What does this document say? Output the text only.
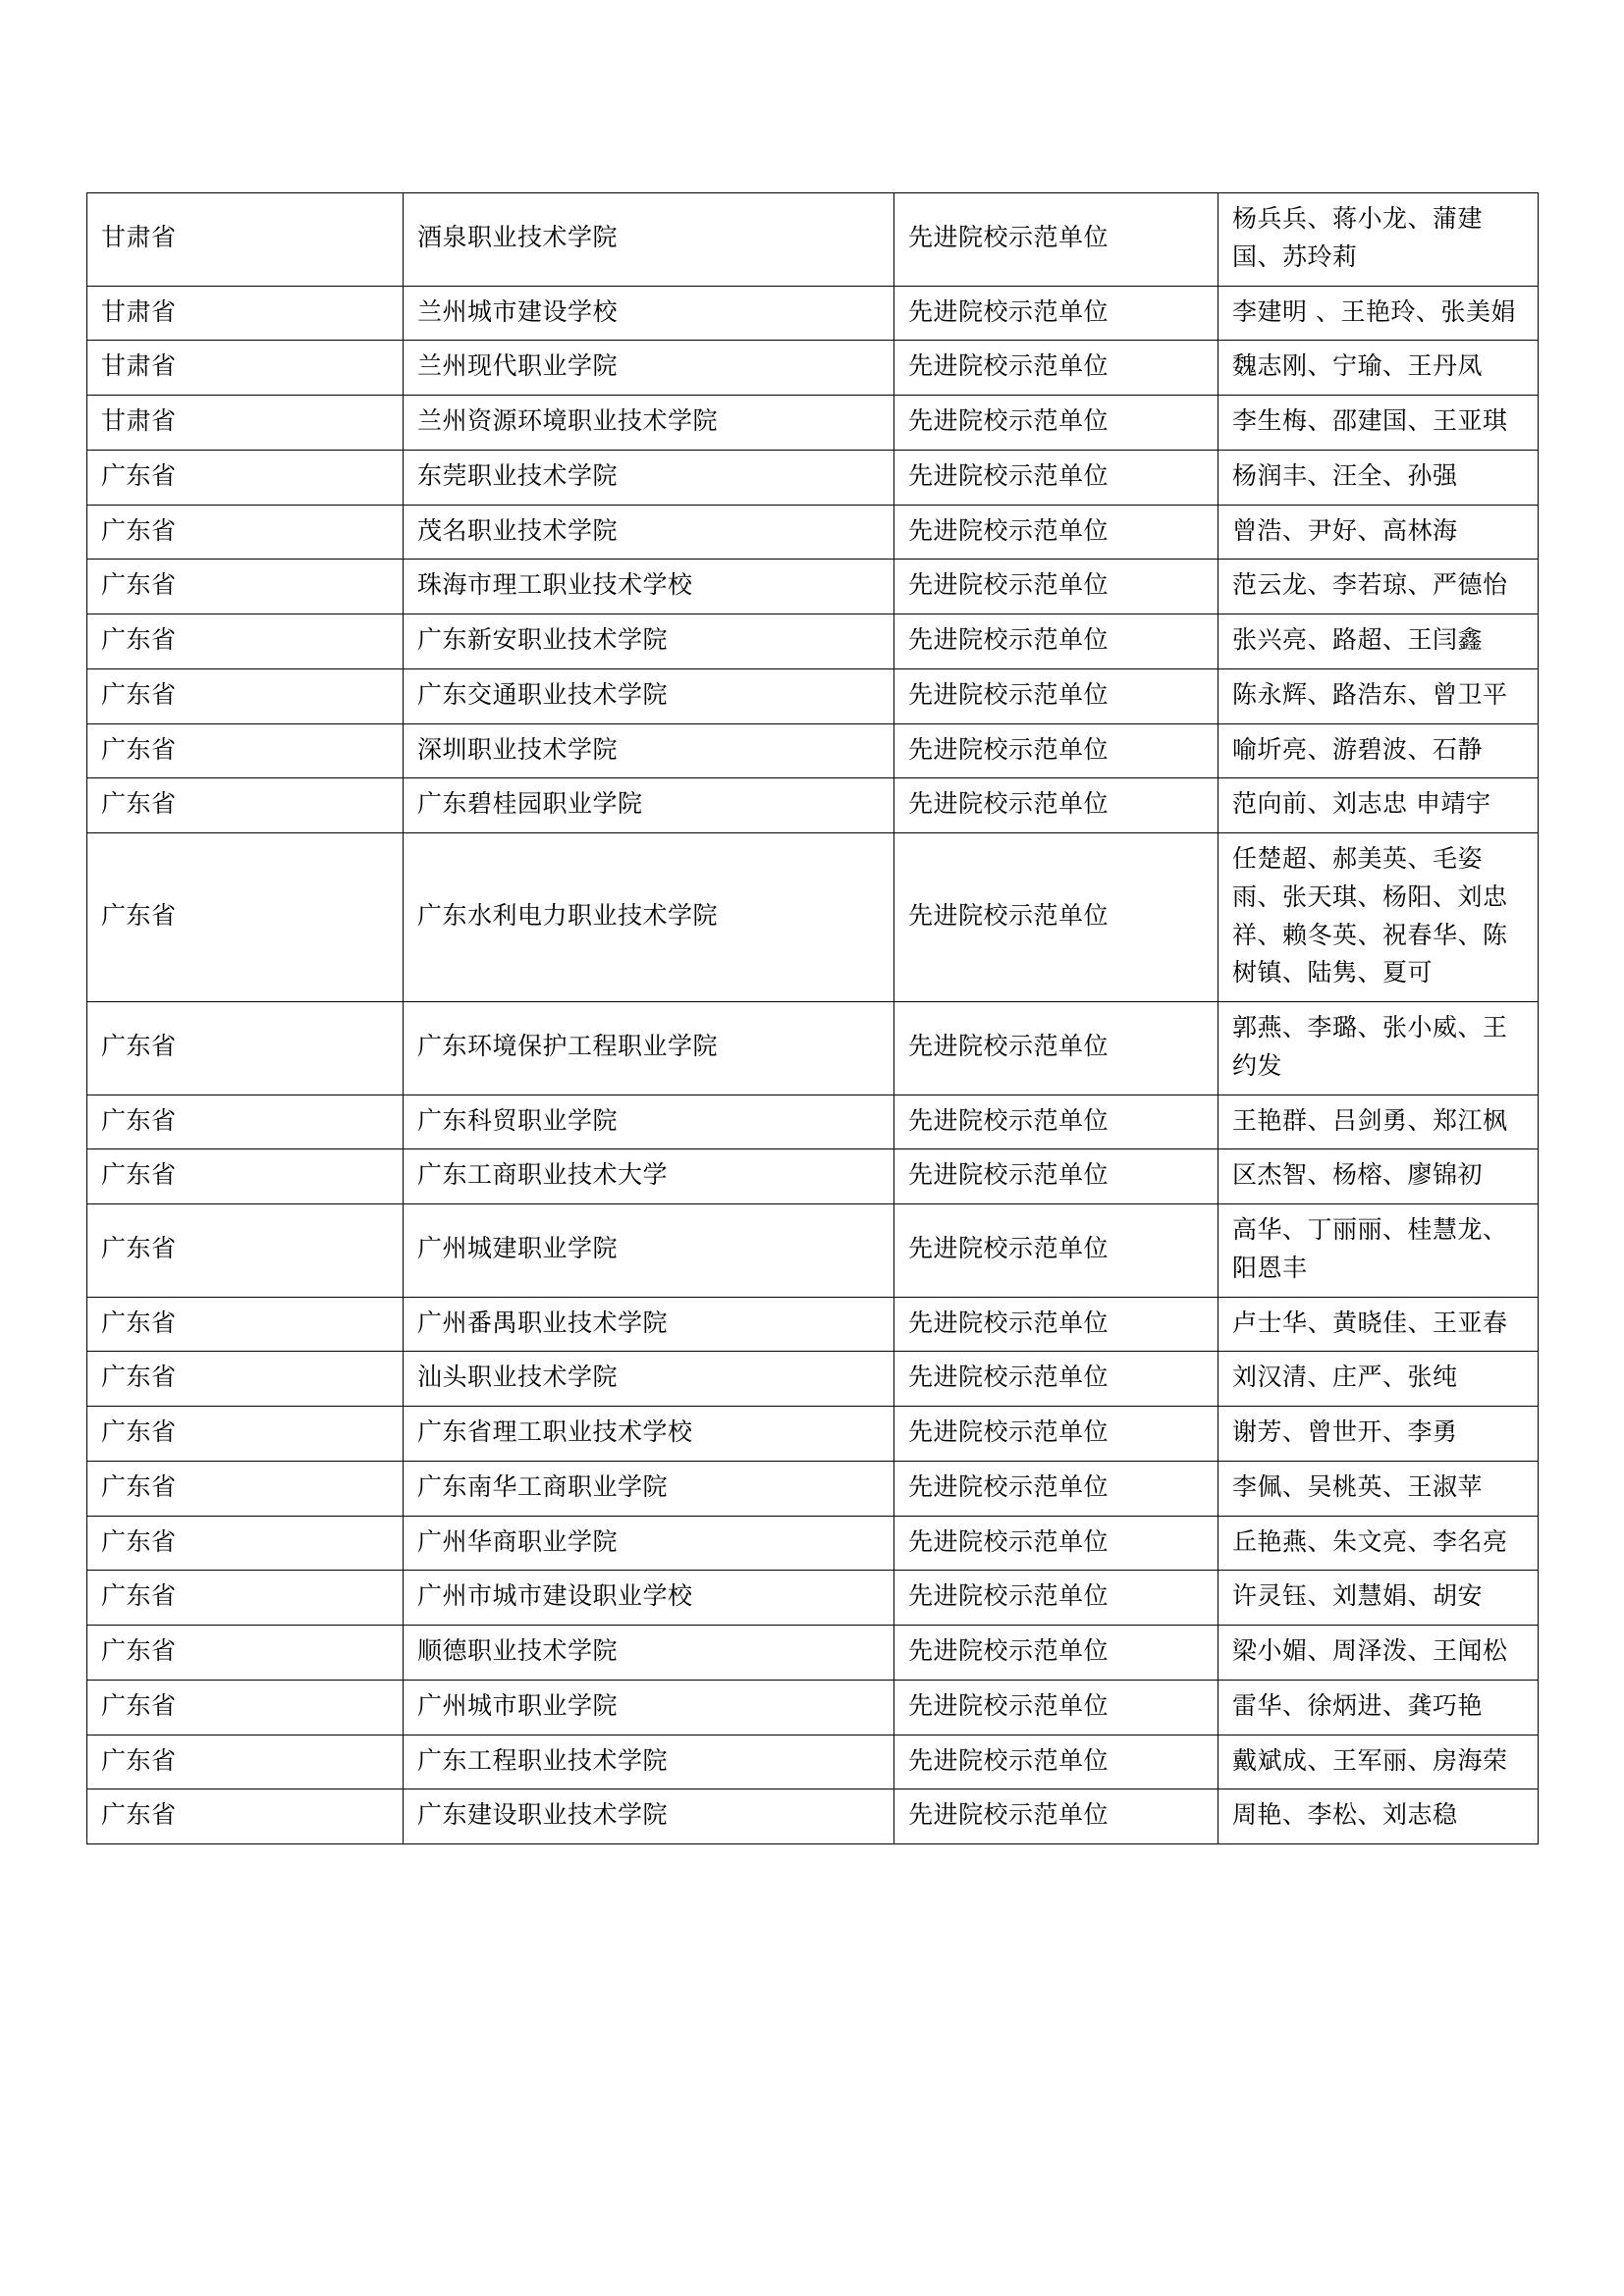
甘肃省	酒泉职业技术学院	先进院校示范单位	杨兵兵、蒋小龙、蒲建国、苏玲莉
甘肃省	兰州城市建设学校	先进院校示范单位	李建明 、王艳玲、张美娟
甘肃省	兰州现代职业学院	先进院校示范单位	魏志刚、宁瑜、王丹凤
甘肃省	兰州资源环境职业技术学院	先进院校示范单位	李生梅、邵建国、王亚琪
广东省	东莞职业技术学院	先进院校示范单位	杨润丰、汪全、孙强
广东省	茂名职业技术学院	先进院校示范单位	曾浩、尹好、高林海
广东省	珠海市理工职业技术学校	先进院校示范单位	范云龙、李若琼、严德怡
广东省	广东新安职业技术学院	先进院校示范单位	张兴亮、路超、王闫鑫
广东省	广东交通职业技术学院	先进院校示范单位	陈永辉、路浩东、曾卫平
广东省	深圳职业技术学院	先进院校示范单位	喻圻亮、游碧波、石静
广东省	广东碧桂园职业学院	先进院校示范单位	范向前、刘志忠 申靖宇
广东省	广东水利电力职业技术学院	先进院校示范单位	任楚超、郝美英、毛姿雨、张天琪、杨阳、刘忠祥、赖冬英、祝春华、陈树镇、陆隽、夏可
广东省	广东环境保护工程职业学院	先进院校示范单位	郭燕、李璐、张小威、王约发
广东省	广东科贸职业学院	先进院校示范单位	王艳群、吕剑勇、郑江枫
广东省	广东工商职业技术大学	先进院校示范单位	区杰智、杨榕、廖锦初
广东省	广州城建职业学院	先进院校示范单位	高华、丁丽丽、桂慧龙、阳恩丰
广东省	广州番禺职业技术学院	先进院校示范单位	卢士华、黄晓佳、王亚春
广东省	汕头职业技术学院	先进院校示范单位	刘汉清、庄严、张纯
广东省	广东省理工职业技术学校	先进院校示范单位	谢芳、曾世开、李勇
广东省	广东南华工商职业学院	先进院校示范单位	李佩、吴桃英、王淑苹
广东省	广州华商职业学院	先进院校示范单位	丘艳燕、朱文亮、李名亮
广东省	广州市城市建设职业学校	先进院校示范单位	许灵钰、刘慧娟、胡安
广东省	顺德职业技术学院	先进院校示范单位	梁小媚、周泽泼、王闻松
广东省	广州城市职业学院	先进院校示范单位	雷华、徐炳进、龚巧艳
广东省	广东工程职业技术学院	先进院校示范单位	戴斌成、王军丽、房海荣
广东省	广东建设职业技术学院	先进院校示范单位	周艳、李松、刘志稳
